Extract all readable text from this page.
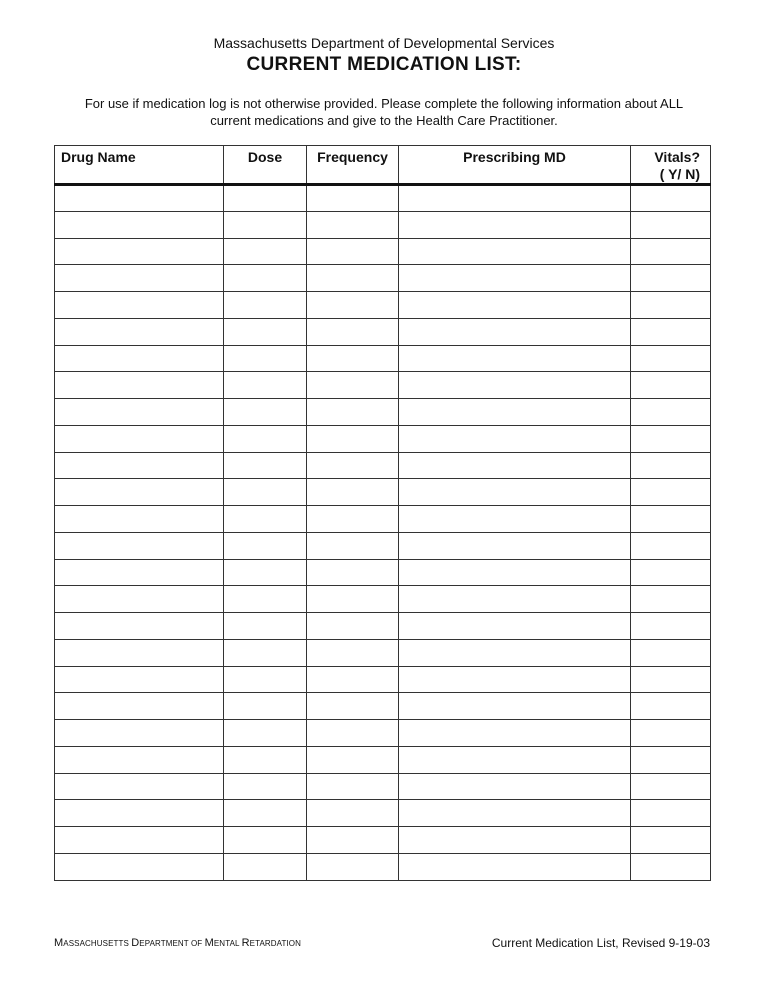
Massachusetts Department of Developmental Services
CURRENT MEDICATION LIST:
For use if medication log is not otherwise provided. Please complete the following information about ALL
current medications and give to the Health Care Practitioner.
Drug Name	Dose	Frequency	Prescribing MD	Vitals?
( Y/ N)

MASSACHUSETTS DEPARTMENT OF MENTAL RETARDATION	Current Medication List, Revised 9-19-03
